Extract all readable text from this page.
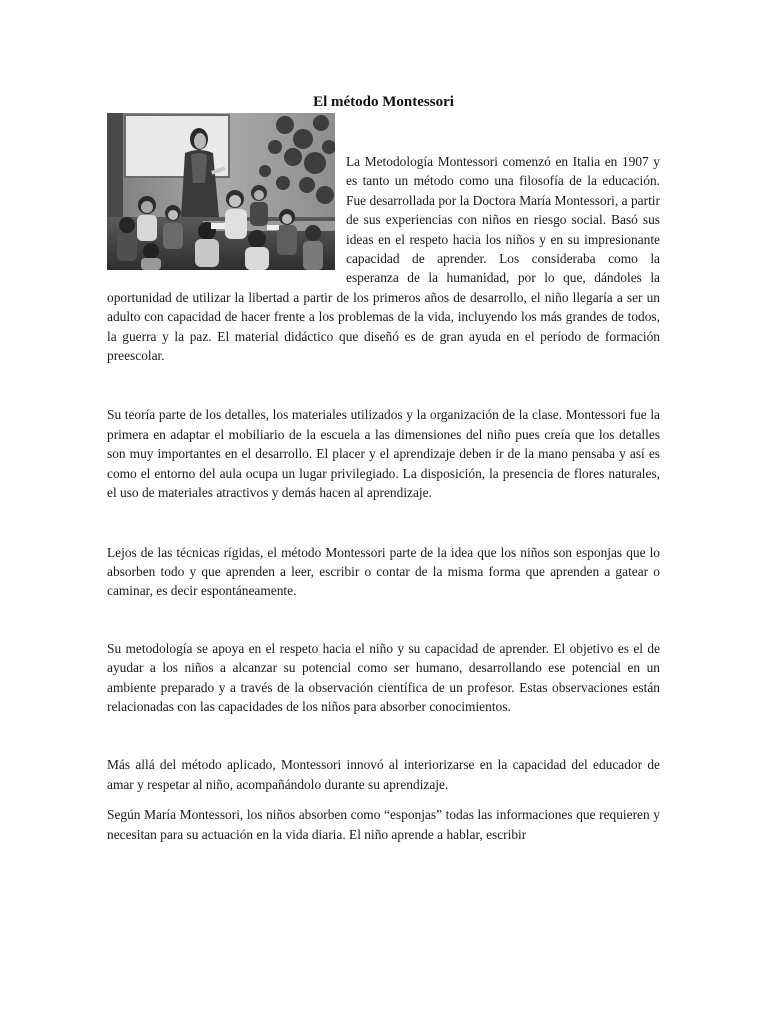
El método Montessori

La Metodología Montessori comenzó en Italia en 1907 y es tanto un método como una filosofía de la educación. Fue desarrollada por la Doctora María Montessori, a partir de sus experiencias con niños en riesgo social. Basó sus ideas en el respeto hacia los niños y en su impresionante capacidad de aprender. Los consideraba como la esperanza de la humanidad, por lo que, dándoles la oportunidad de utilizar la libertad a partir de los primeros años de desarrollo, el niño llegaría a ser un adulto con capacidad de hacer frente a los problemas de la vida, incluyendo los más grandes de todos, la guerra y la paz. El material didáctico que diseñó es de gran ayuda en el período de formación preescolar.

Su teoría parte de los detalles, los materiales utilizados y la organización de la clase. Montessori fue la primera en adaptar el mobiliario de la escuela a las dimensiones del niño pues creía que los detalles son muy importantes en el desarrollo. El placer y el aprendizaje deben ir de la mano pensaba y así es como el entorno del aula ocupa un lugar privilegiado. La disposición, la presencia de flores naturales, el uso de materiales atractivos y demás hacen al aprendizaje.

Lejos de las técnicas rígidas, el método Montessori parte de la idea que los niños son esponjas que lo absorben todo y que aprenden a leer, escribir o contar de la misma forma que aprenden a gatear o caminar, es decir espontáneamente.

Su metodología se apoya en el respeto hacia el niño y su capacidad de aprender. El objetivo es el de ayudar a los niños a alcanzar su potencial como ser humano, desarrollando ese potencial en un ambiente preparado y a través de la observación científica de un profesor. Estas observaciones están relacionadas con las capacidades de los niños para absorber conocimientos.

Más allá del método aplicado, Montessori innovó al interiorizarse en la capacidad del educador de amar y respetar al niño, acompañándolo durante su aprendizaje.

Según María Montessori, los niños absorben como “esponjas” todas las informaciones que requieren y necesitan para su actuación en la vida diaria. El niño aprende a hablar, escribir
